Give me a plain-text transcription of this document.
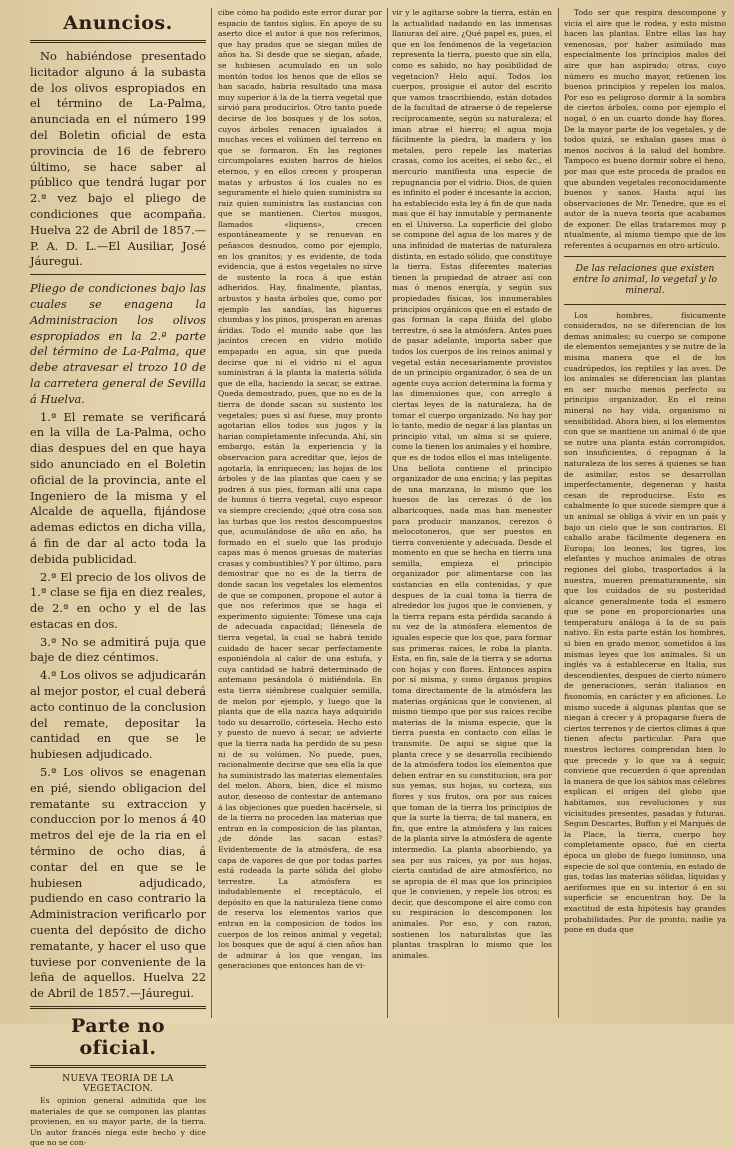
Anuncios.

No habiéndose presentado licitador alguno á la subasta de los olivos espropiados en el término de La-Palma, anunciada en el número 199 del Boletin oficial de esta provincia de 16 de febrero último, se hace saber al público que tendrá lugar por 2.ª vez bajo el pliego de condiciones que acompaña. Huelva 22 de Abril de 1857.—P. A. D. L.—El Ausiliar, José Jáuregui.

Pliego de condiciones bajo las cuales se enagena la Administracion los olivos espropiados en la 2.ª parte del término de La-Palma, que debe atravesar el trozo 10 de la carretera general de Sevilla á Huelva.

1.ª El remate se verificará en la villa de La-Palma, ocho dias despues del en que haya sido anunciado en el Boletin oficial de la provincia, ante el Ingeniero de la misma y el Alcalde de aquella, fijándose ademas edictos en dicha villa, á fin de dar al acto toda la debida publicidad.

2.ª El precio de los olivos de 1.ª clase se fija en diez reales, de 2.ª en ocho y el de las estacas en dos.

3.ª No se admitirá puja que baje de diez céntimos.

4.ª Los olivos se adjudicarán al mejor postor, el cual deberá acto continuo de la conclusion del remate, depositar la cantidad en que se le hubiesen adjudicado.

5.ª Los olivos se enagenan en pié, siendo obligacion del rematante su extraccion y conduccion por lo menos á 40 metros del eje de la ria en el término de ocho dias, á contar del en que se le hubiesen adjudicado, pudiendo en caso contrario la Administracion verificarlo por cuenta del depósito de dicho rematante, y hacer el uso que tuviese por conveniente de la leña de aquellos. Huelva 22 de Abril de 1857.—Jáuregui.

Parte no oficial.
NUEVA TEORIA DE LA VEGETACION.

Es opinion general admitida que los materiales de que se componen las plantas provienen, en su mayor parte, de la tierra. Un autor francés niega este hecho y dice que no se con-

cibe cómo ha podido este error durar por espacio de tantos siglos. En apoyo de su aserto dice el autor á que nos referimos, que hay prados que se siegan miles de años ha. Si desde que se siegan, añade, se hubiesen acumulado en un solo montón todos los henos que de ellos se han sacado, habria resultado una masa muy superior á la de la tierra vegetal que sirvió para producirlos. Otro tanto puede decirse de los bosques y de los sotos, cuyos árboles renacen igualados á muchas veces el volúmen del terreno en que se formaron. En las regiones circumpolares existen barros de hielos eternos, y en ellos crecen y prosperan matas y arbustos á los cuales no es seguramente el hielo quien suministra su raiz quien suministra las sustancias con que se mantienen. Ciertos musgos, llamados «liquens», crecen espontáneamente y se renuevan en peñascos desnudos, como por ejemplo, en los granitos; y es evidente, de toda evidencia, que á estos vegetales no sirve de sustento la roca á que están adheridos. Hay, finalmente, plantas, arbustos y hasta árboles que, como por ejemplo las sandías, las higueras chumbas y los pinos, prosperan en arenas áridas. Todo el mundo sabe que las jacintos crecen en vidrio molido empapado en agua, sin que pueda decirse que ni el vidrio ni el agua suministran á la planta la materia sólida que de ella, haciendo la secar, se extrae. Queda demostrado, pues, que no es de la tierra de donde sacan su sustento los vegetales; pues si así fuese, muy pronto agotarian ellos todos sus jugos y la harian completamente infecunda. Ahí, sin embargo, están la experiencia y la observacion para acreditar que, lejos de agotarla, la enriquecen; las hojas de los árboles y de las plantas que caen y se pudren á sus pies, forman allí una capa de humus ó tierra vegetal, cuyo espesor va siempre creciendo; ¿qué otra cosa son las turbas que los restos descompuestos que, acumulándose de año en año, ha formado en el suelo que las produjo capas mas ó menos gruesas de materias crasas y combustibles? Y por último, para demostrar que no es de la tierra de donde sacan los vegetales los elementos de que se componen, propone el autor á que nos referimos que se haga el experimento siguiente: Tómese una caja de adecuada capacidad; llénesela de tierra vegetal, la cual se habrá tenido cuidado de hacer secar perfectamente esponiéndola al calor de una estufa, y cuya cantidad se habrá determinado de antemano pesándola ó midiéndola. En esta tierra siémbrese cualquier semilla, de melon por ejemplo, y luego que la planta que de ella nazca haya adquirido todo su desarrollo, córtesela. Hecho esto y puesto de nuevo á secar, se advierte que la tierra nada ha perdido de su peso ni de su volúmen. No puede, pues, racionalmente decirse que sea ella la que ha suministrado las materias elementales del melon. Ahora, bien, dice el mismo autor, deseoso de contestar de antemano á las objeciones que pueden hacérsele, si de la tierra no proceden las materias que entran en la composicion de las plantas, ¿de dónde las sacan estas? Evidentemente de la atmósfera, de esa capa de vapores de que por todas partes está rodeada la parte sólida del globo terrestre. La atmósfera es indudablemente el receptáculo, el depósito en que la naturaleza tiene como de reserva los elementos varios que entran en la composicion de todos los cuerpos de los reinos animal y vegetal; los bosques que de aquí á cien años han de admirar á los que vengan, las generaciones que entonces han de vi-

vir y le agitarse sobre la tierra, están en la actualidad nadando en las inmensas llanuras del aire. ¿Qué papel es, pues, el que en los fenómenos de la vegetacion representa la tierra, puesto que sin ella, como es sabido, no hay posibilidad de vegetacion? Helo aquí. Todos los cuerpos, prosigue el autor del escrito que vamos trascribiendo, están dotados de la facultad de atraerse ó de repelerse recíprocamente, según su naturaleza; el iman atrae el hierro; el agua moja fácilmente la piedra, la madera y los metales, pero repele las materias crasas, como los aceites, el sebo &c., el mercurio manifiesta una especie de repugnancia por el vidrio. Dios, de quien es infinito el poder é incesante la accion, ha establecido esta ley á fin de que nada mas que él hay inmutable y permanente en el Universo. La superficie del globo se compone del agua de los mares y de una infinidad de materias de naturaleza distinta, en estado sólido, que constituye la tierra. Estas diferentes materias tienen la propiedad de atraer así con mas ó menos energía, y según sus propiedades físicas, los innumerables principios orgánicos que en el estado de gas forman la capa flúida del globo terrestre, ó sea la atmósfera. Antes pues de pasar adelante, importa saber que todos los cuerpos de los reinos animal y vegetal están necesariamente provistos de un principio organizador, ó sea de un agente cuya accion determina la forma y las dimensiones que, con arreglo á ciertas leyes de la naturaleza, ha de tomar el cuerpo organizado. No hay por lo tanto, medio de negar á las plantas un principio vital, un alma si se quiere, como la tienen los animales y el hombre, que es de todos ellos el mas inteligente. Una bellota contiene el principio organizador de una encina; y las pepitas de una manzana, lo mismo que los huesos de las cerezas ó de los albaricoques, nada mas han menester para producir manzanos, cerezos ó melocotoneros, que ser puestos en tierra conveniente y adecuada. Desde el momento en que se hecha en tierra una semilla, empieza el principio organizador por alimentarse con las sustancias en ella contenidas, y que despues de la cual toma la tierra de alrededor los jugos que le convienen, y la tierra repara esta pérdida sacando á su vez de la atmósfera elementos de iguales especie que los que, para formar sus primeras raíces, le roba la planta. Esta, en fin, sale de la tierra y se adorna con hojas y con flores. Entonces aspira por sí misma, y como órganos propios toma directamente de la atmósfera las materias orgánicas que le convienen, al mismo tiempo que por sus raíces recibe materias de la misma especie, que la tierra puesta en contacto con ellas le transmite. De aquí se sigue que la planta crece y se desarrolla recibiendo de la atmósfera todos los elementos que deben entrar en su constitucion, ora por sus yemas, sus hojas, su corteza, sus flores y sus frutos, ora por sus raíces que toman de la tierra los principios de que la surte la tierra; de tal manera, en fin, que entre la atmósfera y las raíces de la planta sirve la atmósfera de agente intermedio. La planta absorbiendo, ya sea por sus raíces, ya por sus hojas, cierta cantidad de aire atmosférico, no se apropia de él mas que los principios que le convienen, y repele los otros; es decir, que descompone el aire como con su respiracion lo descomponen los animales. Por eso, y con razon, sostienen los naturalistas que las plantas trasplran lo mismo que los animales.

Todo ser que respira descompone y vicia el aire que le rodea, y esto mismo hacen las plantas. Entre ellas las hay venenosas, por haber asimilado mas especialmente los principios malos del aire que han aspirado; otras, cuyo número es mucho mayor, retienen los buenos principios y repelen los malos. Por eso es peligroso dormir á la sombra de ciertos árboles, como por ejemplo el nogal, ó en un cuarto donde hay flores. De la mayor parte de los vegetales, y de todos quizá, se exhalan gases mas ó menos nocivos á la salud del hombre. Tampoco es bueno dormir sobre el heno, por mas que este proceda de prados en que abunden vegetales reconocidamente buenos y sanos. Hasta aquí las observaciones de Mr. Tenedre, que es el autor de la nueva teoría que acabamos de exponer. De ellas trataremos muy p ntualmente, al mismo tiempo que de los referentes á ocuparnos en otro artículo.

De las relaciones que existen entre lo animal, lo vegetal y lo mineral.

Los hombres, físicamente considerados, no se diferencian de los demas animales; su cuerpo se compone de elementos semejantes y se nutre de la misma manera que el de los cuadrúpedos, los reptiles y las aves. De los animales se diferencian las plantas en ser mucho menos perfecto su principio organizador. En el reino mineral no hay vida, organismo ni sensibilidad. Ahora bien, si los elementos con que se mantiene un animal ó de que se nutre una planta están corrompidos, son insuficientes, ó repugnan á la naturaleza de los seres á quienes se han de asimilar, estos se desarrollan imperfectamente, degeneran y hasta cesan de reproducirse. Esto es cabalmente lo que sucede siempre que á un animal se obliga á vivir en un país y bajo un cielo que le son contrarios. El caballo arabe fácilmente degenera en Europa; los leones, los tigres, los elefantes y muchos animales de otras regiones del globo, trasportados á la nuestra, mueren prematuramente, sin que los cuidados de su posteridad alcance generalmente toda el esmero que se pone en proporcionarles una temperatura análoga á la de su país nativo. En esta parte están los hombres, si bien en grado menor, sometidos á las mismas leyes que los animales. Si un inglés va á establecerse en Italia, sus descendientes, despues de cierto número de generaciones, serán italianos en fisonomía, en carácter y en aficiones. Lo mismo sucede á algunas plantas que se niegan á crecer y á propagarse fuera de ciertos terrenos y de ciertos climas á que tienen afecto particular. Para que nuestros lectores comprendan bien lo que precede y lo que va á seguir, conviene que recuerden ó que aprendan la manera de que los sábios mas célebres explican el orígen del globo que habitamos, sus revoluciones y sus vicisitudes presentes, pasadas y futuras. Segun Descartes, Buffon y el Marqués de la Place, la tierra, cuerpo hoy completamente opaco, fué en cierta época un globo de fuego luminoso, una especie de sol que contenía, en estado de gas, todas las materias sólidas, líquidas y aeriformes que en su interior ó en su superficie se encuentran hoy. De la exactitud de esta hipótesis hay grandes probabilidades. Por de pronto, nadie ya pone en duda que
